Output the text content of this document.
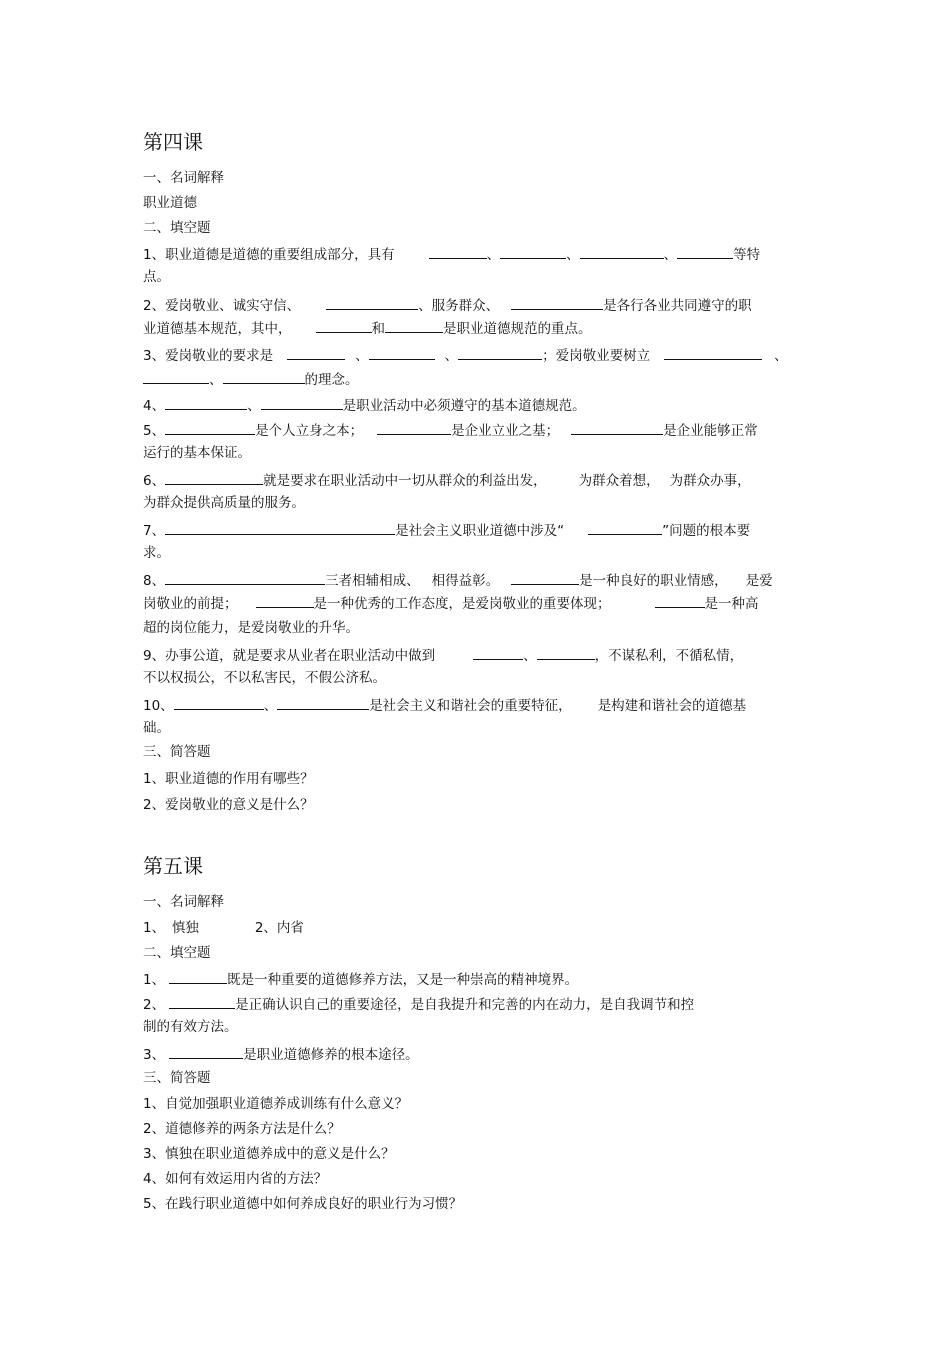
第四课
一、名词解释
职业道德
二、填空题
1、职业道德是道德的重要组成部分，具有	、	、	、	等特
点。
2、爱岗敬业、诚实守信、	、服务群众、	是各行各业共同遵守的职
业道德基本规范，其中，	和	是职业道德规范的重点。
3、爱岗敬业的要求是	、	、	；爱岗敬业要树立	、
、	的理念。
4、	、	是职业活动中必须遵守的基本道德规范。
5、	是个人立身之本；	是企业立业之基；	是企业能够正常
运行的基本保证。
6、	就是要求在职业活动中一切从群众的利益出发， 为群众着想， 为群众办事，
为群众提供高质量的服务。
7、	是社会主义职业道德中涉及“	”问题的根本要
求。
8、	三者相辅相成、 相得益彰。	是一种良好的职业情感， 是爱
岗敬业的前提；	是一种优秀的工作态度，是爱岗敬业的重要体现；	是一种高
超的岗位能力，是爱岗敬业的升华。
9、办事公道，就是要求从业者在职业活动中做到	、	，不谋私利，不循私情，
不以权损公，不以私害民，不假公济私。
10、	、	是社会主义和谐社会的重要特征， 是构建和谐社会的道德基
础。
三、简答题
1、职业道德的作用有哪些？
2、爱岗敬业的意义是什么？
第五课
一、名词解释
1、　慎独	2、内省
二、填空题
1、	既是一种重要的道德修养方法，又是一种崇高的精神境界。
2、	是正确认识自己的重要途径，是自我提升和完善的内在动力，是自我调节和控
制的有效方法。
3、	是职业道德修养的根本途径。
三、简答题
1、自觉加强职业道德养成训练有什么意义？
2、道德修养的两条方法是什么？
3、慎独在职业道德养成中的意义是什么？
4、如何有效运用内省的方法？
5、在践行职业道德中如何养成良好的职业行为习惯？
